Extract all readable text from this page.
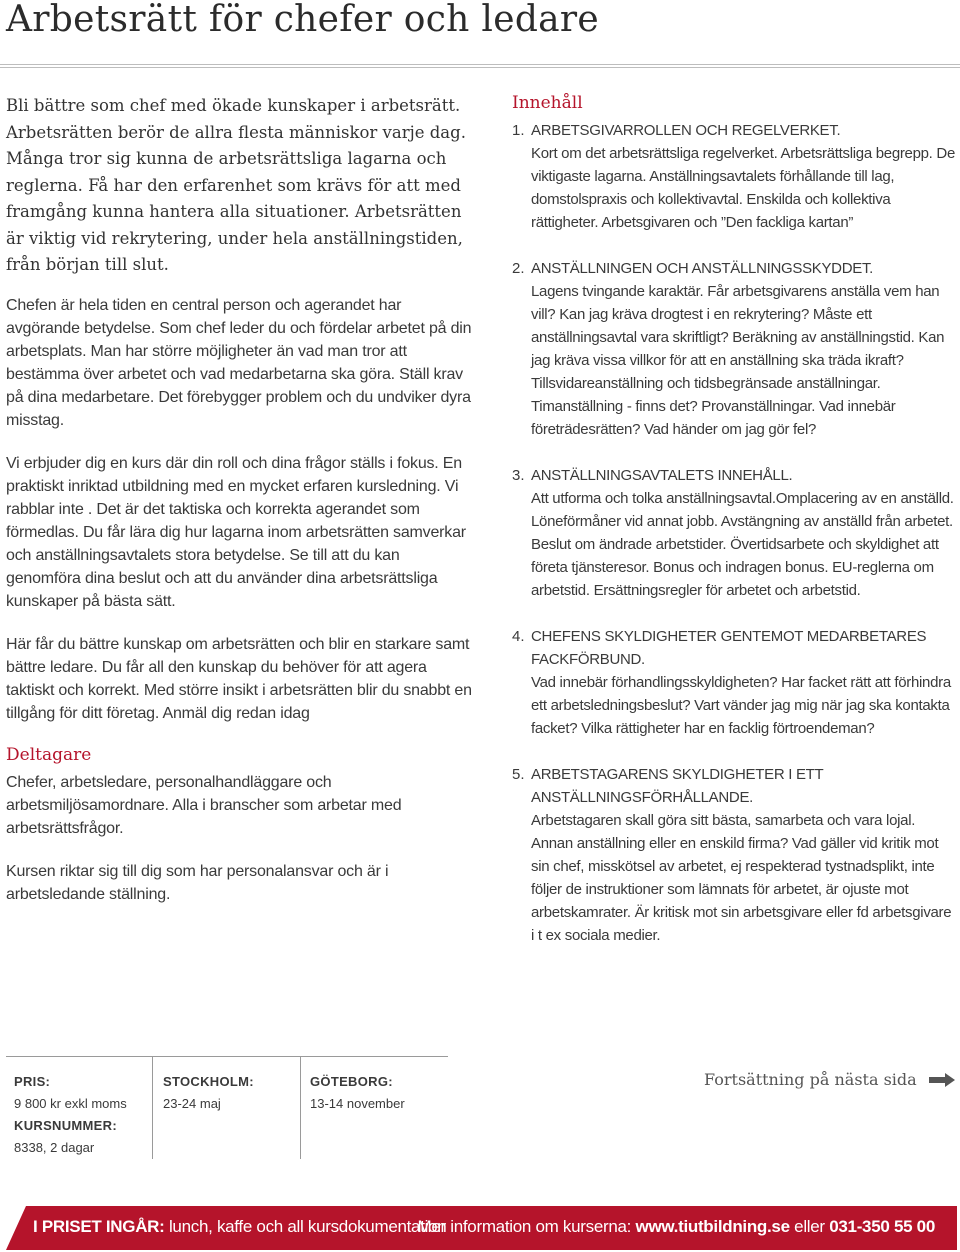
Arbetsrätt för chefer och ledare

Bli bättre som chef med ökade kunskaper i arbetsrätt. Arbetsrätten berör de allra flesta människor varje dag. Många tror sig kunna de arbetsrättsliga lagarna och reglerna. Få har den erfarenhet som krävs för att med framgång kunna hantera alla situationer. Arbetsrätten är viktig vid rekrytering, under hela anställningstiden, från början till slut.

Chefen är hela tiden en central person och agerandet har avgörande betydelse. Som chef leder du och fördelar arbetet på din arbetsplats. Man har större möjligheter än vad man tror att bestämma över arbetet och vad medarbetarna ska göra. Ställ krav på dina medarbetare. Det förebygger problem och du undviker dyra misstag.

Vi erbjuder dig en kurs där din roll och dina frågor ställs i fokus. En praktiskt inriktad utbildning med en mycket erfaren kursledning. Vi rabblar inte . Det är det taktiska och korrekta agerandet som förmedlas. Du får lära dig hur lagarna inom arbetsrätten samverkar och anställningsavtalets stora betydelse. Se till att du kan genomföra dina beslut och att du använder dina arbetsrättsliga kunskaper på bästa sätt.

Här får du bättre kunskap om arbetsrätten och blir en starkare samt bättre ledare. Du får all den kunskap du behöver för att agera taktiskt och korrekt. Med större insikt i arbetsrätten blir du snabbt en tillgång för ditt företag. Anmäl dig redan idag

Deltagare

Chefer, arbetsledare, personalhandläggare och arbetsmiljösamordnare. Alla i branscher som arbetar med arbetsrättsfrågor.

Kursen riktar sig till dig som har personalansvar och är i arbetsledande ställning.

Innehåll
1. ARBETSGIVARROLLEN OCH REGELVERKET.
Kort om det arbetsrättsliga regelverket. Arbetsrättsliga begrepp. De viktigaste lagarna. Anställningsavtalets förhållande till lag, domstolspraxis och kollektivavtal. Enskilda och kollektiva rättigheter. Arbetsgivaren och ”Den fackliga kartan”
2. ANSTÄLLNINGEN OCH ANSTÄLLNINGSSKYDDET.
Lagens tvingande karaktär. Får arbetsgivarens anställa vem han vill? Kan jag kräva drogtest i en rekrytering? Måste ett anställningsavtal vara skriftligt? Beräkning av anställningstid. Kan jag kräva vissa villkor för att en anställning ska träda ikraft? Tillsvidareanställning och tidsbegränsade anställningar. Timanställning - finns det? Provanställningar. Vad innebär företrädesrätten? Vad händer om jag gör fel?
3. ANSTÄLLNINGSAVTALETS INNEHÅLL.
Att utforma och tolka anställningsavtal.Omplacering av en anställd. Löneförmåner vid annat jobb. Avstängning av anställd från arbetet. Beslut om ändrade arbetstider. Övertidsarbete och skyldighet att företa tjänsteresor. Bonus och indragen bonus. EU-reglerna om arbetstid. Ersättningsregler för arbetet och arbetstid.
4. CHEFENS SKYLDIGHETER GENTEMOT MEDARBETARES FACKFÖRBUND.
Vad innebär förhandlingsskyldigheten? Har facket rätt att förhindra ett arbetsledningsbeslut? Vart vänder jag mig när jag ska kontakta facket? Vilka rättigheter har en facklig förtroendeman?
5. ARBETSTAGARENS SKYLDIGHETER I ETT ANSTÄLLNINGSFÖRHÅLLANDE.
Arbetstagaren skall göra sitt bästa, samarbeta och vara lojal. Annan anställning eller en enskild firma? Vad gäller vid kritik mot sin chef, misskötsel av arbetet, ej respekterad tystnadsplikt, inte följer de instruktioner som lämnats för arbetet, är ojuste mot arbetskamrater. Är kritisk mot sin arbetsgivare eller fd arbetsgivare i t ex sociala medier.
PRIS:
9 800 kr exkl moms
KURSNUMMER:
8338, 2 dagar
STOCKHOLM:
23-24 maj
GÖTEBORG:
13-14 november
Fortsättning på nästa sida
I PRISET INGÅR: lunch, kaffe och all kursdokumentation
Mer information om kurserna: www.tiutbildning.se eller 031-350 55 00
